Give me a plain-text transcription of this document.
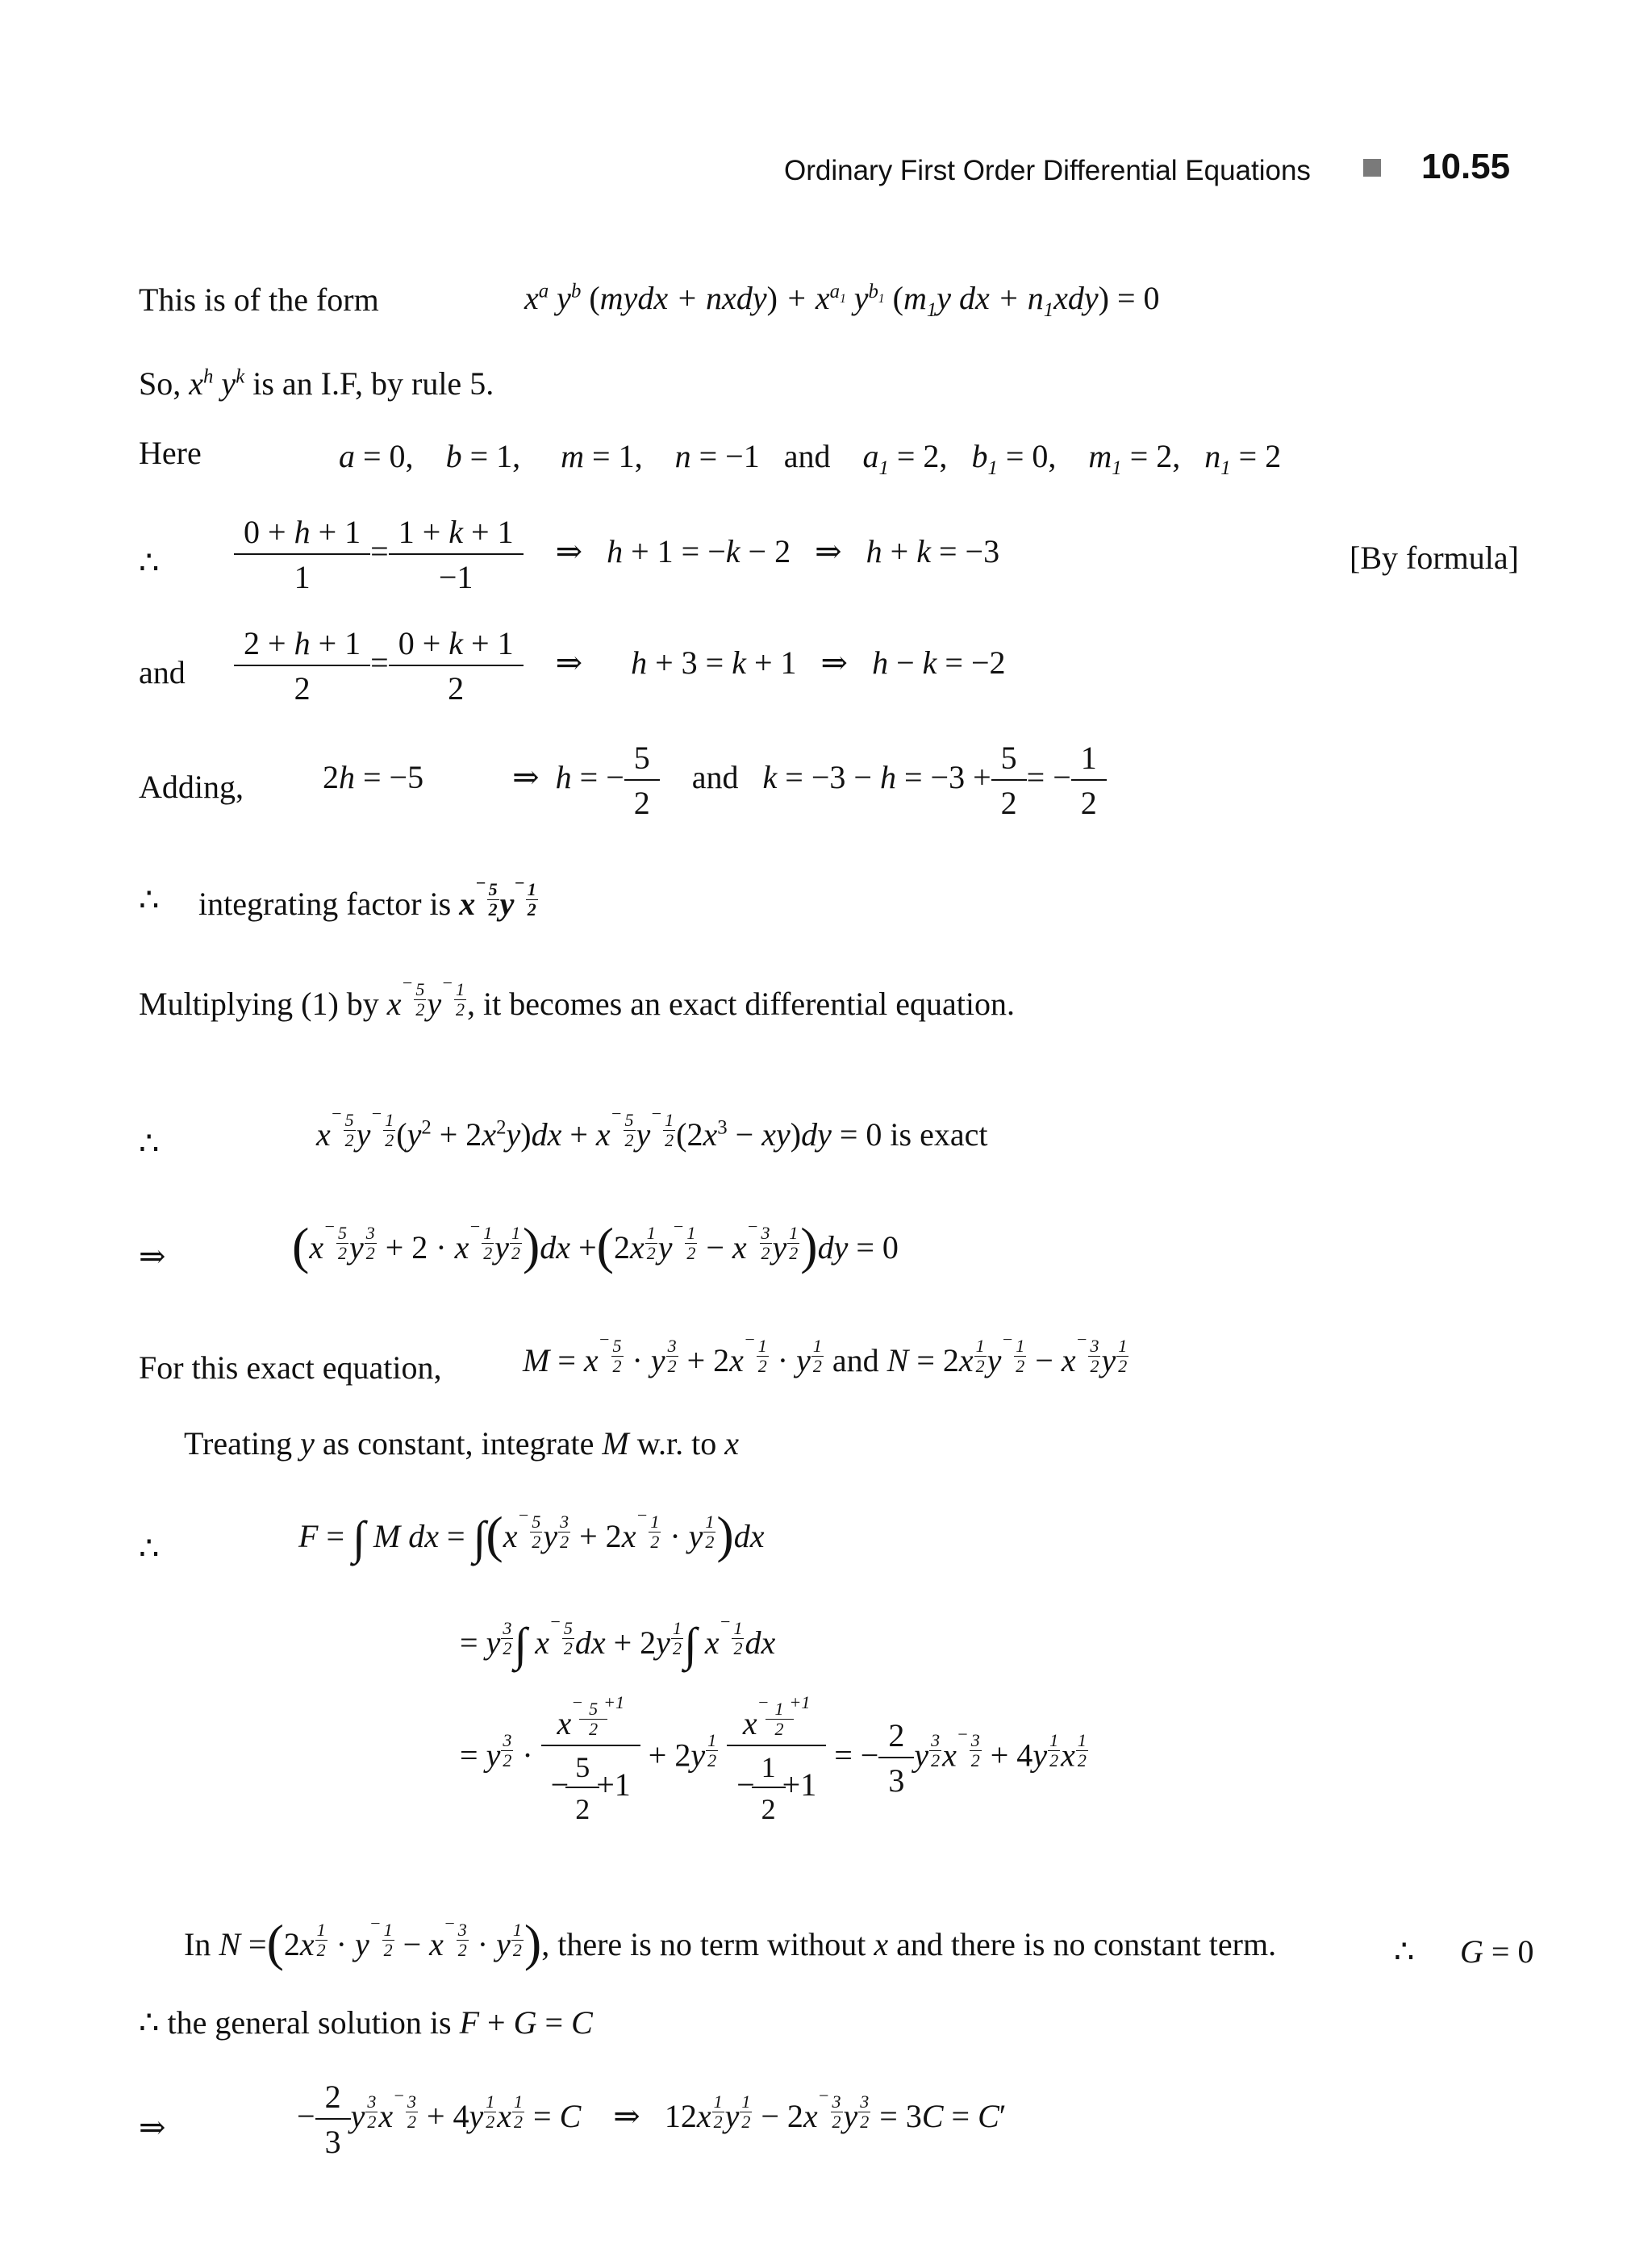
Ordinary First Order Differential Equations	10.55
This is of the form	$x^a$ $y^b$ (mydx + nxdy) + $x^{a_1}$ $y^{b_1}$ ($m_1y$ dx + $n_1xdy) = 0$
So, $x^h$ $y^k$ is an I.F, by rule 5.
Here	a = 0,    b = 1,     m = 1,    n = −1   and    $a_1 = 2$,   $b_1 = 0$,    $m_1 = 2$,   $n_1 = 2$
∴ $\frac{0 + h + 1}{1} = \frac{1 + k + 1}{-1}$ ⇒   h + 1 = −k − 2   ⇒   h + k = −3	[By formula]
and $\frac{2 + h + 1}{2} = \frac{0 + k + 1}{2}$ ⇒      h + 3 = k + 1   ⇒   h − k = −2
Adding, 2h = −5           ⇒  h = − $\frac{5}{2}$ and $k = -3 - h = -3 + \frac{5}{2}$ = − $\frac{1}{2}$
∴ integrating factor is $x^- \frac{5}{2} y^- \frac{1}{2}$
Multiplying (1) by $x^- \frac{5}{2} y^- \frac{1}{2}$ , it becomes an exact differential equation.
∴	$x^- \frac{5}{2} y^- \frac{1}{2} (y^2 + 2x^2y)dx + x^- \frac{5}{2} y^- \frac{1}{2} (2x^3 - xy)dy = 0$ is exact
⇒ ($x^- \frac{5}{2}$ y $\frac{3}{2} + 2 \cdot x^- \frac{1}{2}$ y $\frac{1}{2} )dx +(2x \frac{1}{2} y^- \frac{1}{2} - x^- \frac{3}{2}$ y $\frac{1}{2} )dy = 0$
For this exact equation,	$M = x^- \frac{5}{2} \cdot y \frac{3}{2} + 2x^- \frac{1}{2} \cdot y \frac{1}{2}$ and $N = 2x \frac{1}{2} y^- \frac{1}{2} - x^- \frac{3}{2}$ y $\frac{1}{2}$
Treating y as constant, integrate M w.r. to x
∴	F = ∫ M dx = $\int(x^- \frac{5}{2}$ y $\frac{3}{2} + 2x^- \frac{1}{2} \cdot y \frac{1}{2} )dx$
= y $\frac{3}{2}$ ∫ $x^- \frac{5}{2}$ dx + $2y \frac{1}{2}$ ∫ $x^- \frac{1}{2}$ dx
= y $\frac{3}{2} \cdot \frac{x^- \frac{5}{2} ^{+1}}{- \frac{5}{2} +1} + 2y \frac{1}{2}$
$\frac{x^- \frac{1}{2} ^{+1}}{- \frac{1}{2} +1}$ = − $\frac{2}{3}$ y $\frac{3}{2} x^- \frac{3}{2} + 4y \frac{1}{2}$ x $\frac{1}{2}$
In $N =(2x \frac{1}{2} \cdot y^- \frac{1}{2} - x^- \frac{3}{2} \cdot y \frac{1}{2}$ ), there is no term without x and there is no constant term.	∴ G = 0
∴ the general solution is F + G = C
⇒	− $\frac{2}{3}$ y $\frac{3}{2} x^- \frac{3}{2} + 4y \frac{1}{2}$ x $\frac{1}{2} = C$    ⇒   $12x \frac{1}{2}$ y $\frac{1}{2} - 2x^- \frac{3}{2}$ y $\frac{3}{2} = 3C = C'$
